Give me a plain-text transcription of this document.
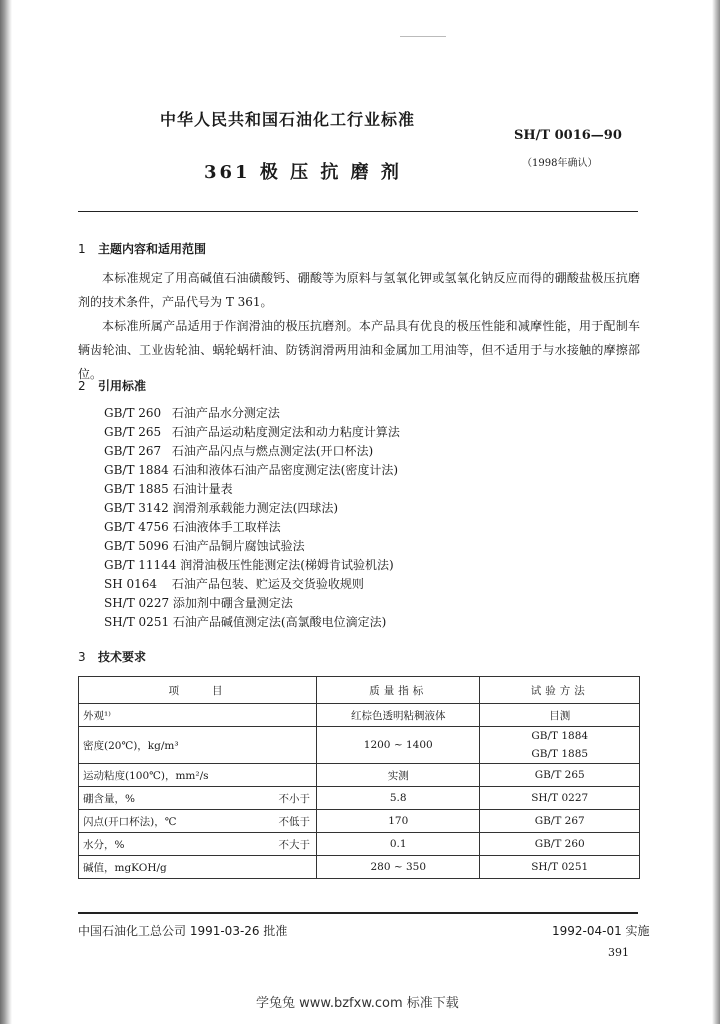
中华人民共和国石油化工行业标准
SH/T 0016—90
（1998年确认）
361 极 压 抗 磨 剂
1 主题内容和适用范围

本标准规定了用高碱值石油磺酸钙、硼酸等为原料与氢氧化钾或氢氧化钠反应而得的硼酸盐极压抗磨剂的技术条件，产品代号为 T 361。

本标准所属产品适用于作润滑油的极压抗磨剂。本产品具有优良的极压性能和减摩性能，用于配制车辆齿轮油、工业齿轮油、蜗轮蜗杆油、防锈润滑两用油和金属加工用油等，但不适用于与水接触的摩擦部位。

2 引用标准
GB/T 260 石油产品水分测定法
GB/T 265 石油产品运动粘度测定法和动力粘度计算法
GB/T 267 石油产品闪点与燃点测定法(开口杯法)
GB/T 1884 石油和液体石油产品密度测定法(密度计法)
GB/T 1885 石油计量表
GB/T 3142 润滑剂承载能力测定法(四球法)
GB/T 4756 石油液体手工取样法
GB/T 5096 石油产品铜片腐蚀试验法
GB/T 11144 润滑油极压性能测定法(梯姆肯试验机法)
SH 0164 石油产品包装、贮运及交货验收规则
SH/T 0227 添加剂中硼含量测定法
SH/T 0251 石油产品碱值测定法(高氯酸电位滴定法)
3 技术要求
项　　目	质量指标	试验方法

外观¹⁾	红棕色透明粘稠液体	目测

密度(20℃)，kg/m³	1200 ~ 1400	GB/T 1884
GB/T 1885

运动粘度(100℃)，mm²/s	实测	GB/T 265

硼含量，% 不小于	5.8	SH/T 0227

闪点(开口杯法)，℃ 不低于	170	GB/T 267

水分，% 不大于	0.1	GB/T 260

碱值，mgKOH/g	280 ~ 350	SH/T 0251
中国石油化工总公司 1991-03-26 批准	1992-04-01 实施
391
学兔兔 www.bzfxw.com 标准下载
